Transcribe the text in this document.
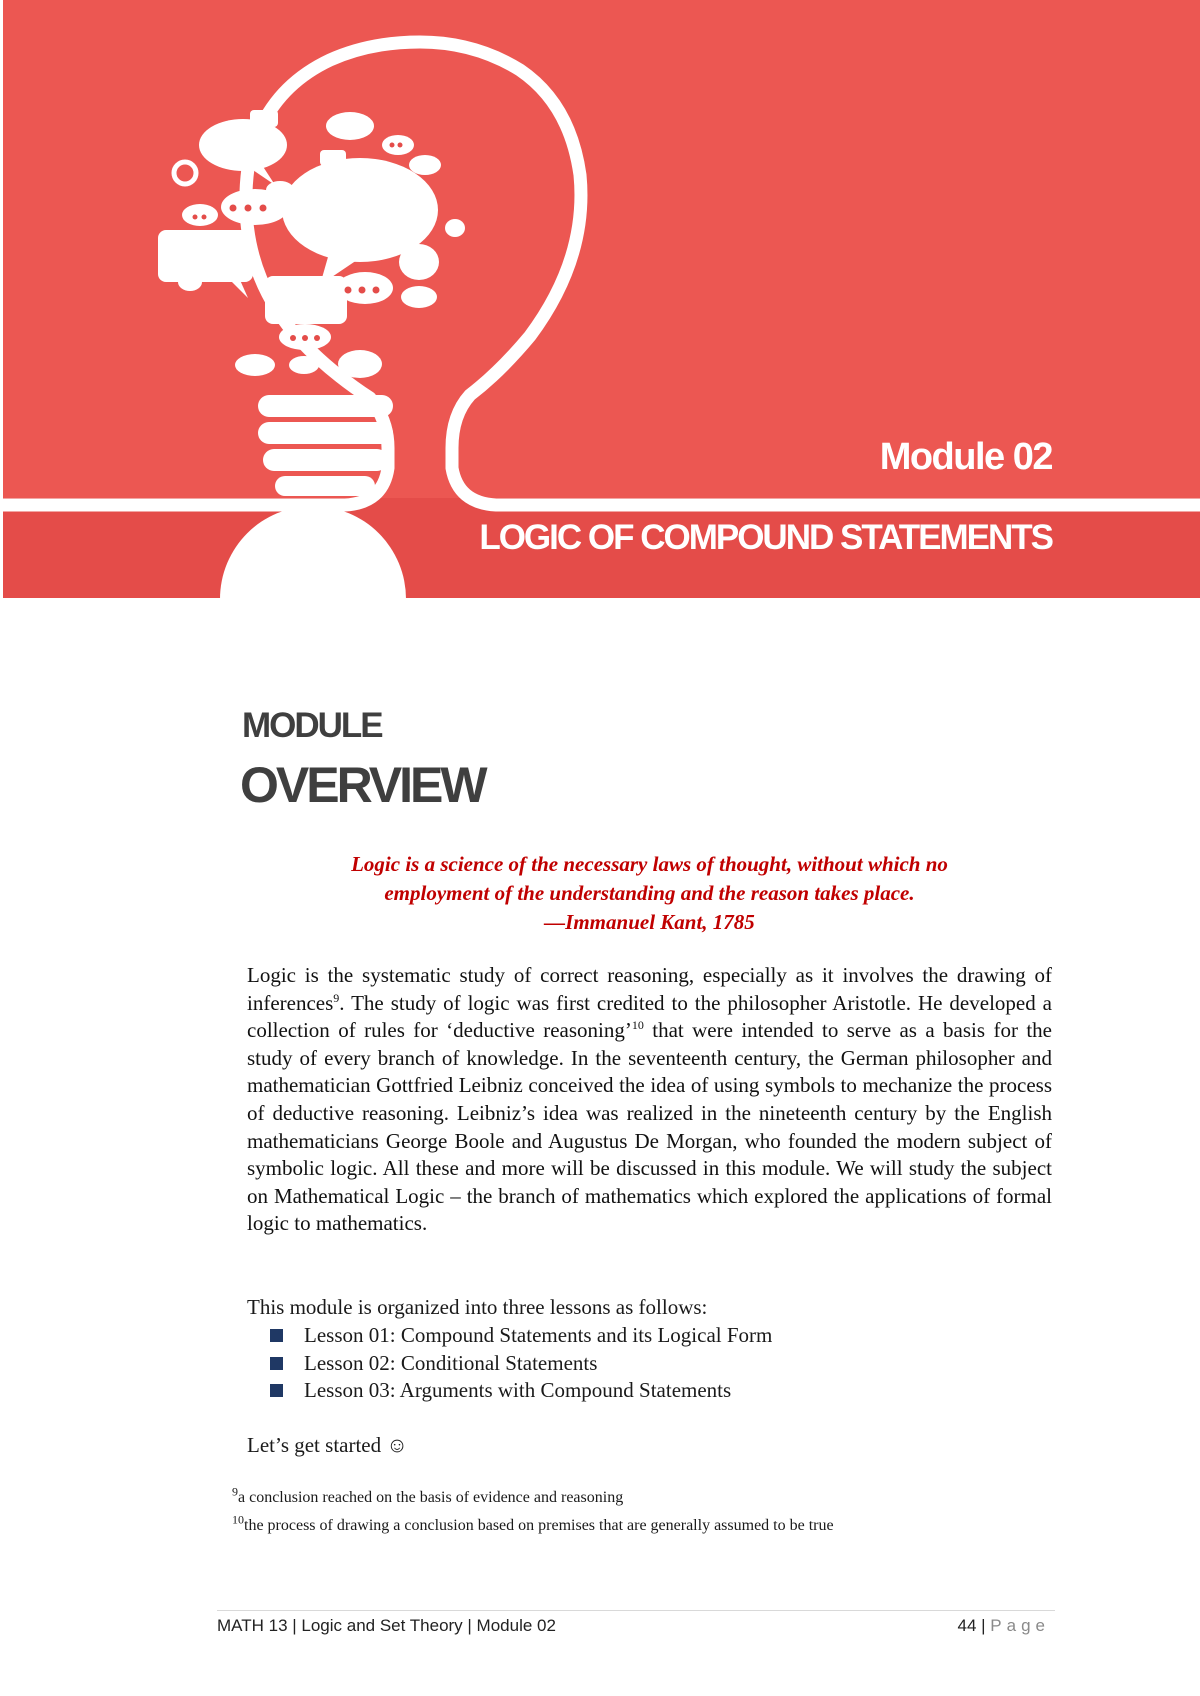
Module 02
LOGIC OF COMPOUND STATEMENTS
MODULE
OVERVIEW
Logic is a science of the necessary laws of thought, without which no
employment of the understanding and the reason takes place.
—Immanuel Kant, 1785

Logic is the systematic study of correct reasoning, especially as it involves the drawing of inferences$^9$. The study of logic was first credited to the philosopher Aristotle. He developed a collection of rules for ‘deductive reasoning’$^{10}$ that were intended to serve as a basis for the study of every branch of knowledge. In the seventeenth century, the German philosopher and mathematician Gottfried Leibniz conceived the idea of using symbols to mechanize the process of deductive reasoning. Leibniz’s idea was realized in the nineteenth century by the English mathematicians George Boole and Augustus De Morgan, who founded the modern subject of symbolic logic. All these and more will be discussed in this module. We will study the subject on Mathematical Logic – the branch of mathematics which explored the applications of formal logic to mathematics.

This module is organized into three lessons as follows:
Lesson 01: Compound Statements and its Logical Form
Lesson 02: Conditional Statements
Lesson 03: Arguments with Compound Statements
Let’s get started ☺
$^9$a conclusion reached on the basis of evidence and reasoning
$^{10}$the process of drawing a conclusion based on premises that are generally assumed to be true
MATH 13 | Logic and Set Theory | Module 02	44 | Page
